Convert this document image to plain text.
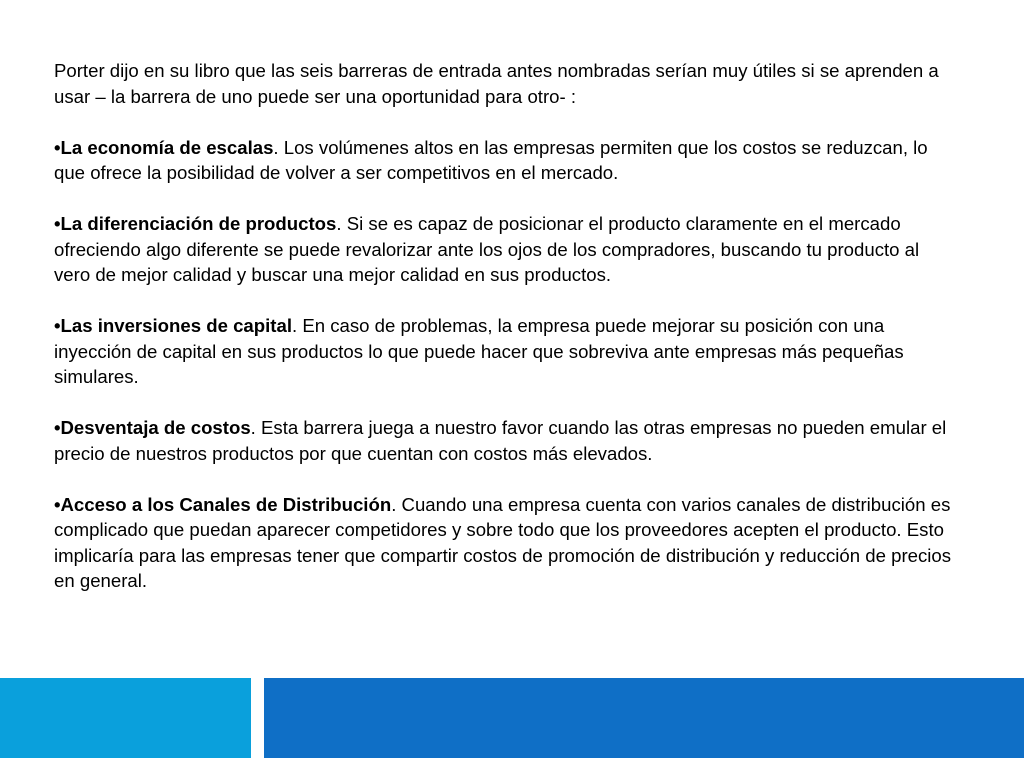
Porter dijo en su libro que las seis barreras de entrada antes nombradas serían muy útiles si se aprenden a usar – la barrera de uno puede ser una oportunidad para otro- :

•La economía de escalas. Los volúmenes altos en las empresas permiten que los costos se reduzcan, lo que ofrece la posibilidad de volver a ser competitivos en el mercado.

•La diferenciación de productos. Si se es capaz de posicionar el producto claramente en el mercado ofreciendo algo diferente se puede revalorizar ante los ojos de los compradores, buscando tu producto al vero de mejor calidad y buscar una mejor calidad en sus productos.

•Las inversiones de capital. En caso de problemas, la empresa puede mejorar su posición con una inyección de capital en sus productos lo que puede hacer que sobreviva ante empresas más pequeñas simulares.

•Desventaja de costos. Esta barrera juega a nuestro favor cuando las otras empresas no pueden emular el precio de nuestros productos por que cuentan con costos más elevados.

•Acceso a los Canales de Distribución. Cuando una empresa cuenta con varios canales de distribución es complicado que puedan aparecer competidores y sobre todo que los proveedores acepten el producto. Esto implicaría para las empresas tener que compartir costos de promoción de distribución y reducción de precios en general.
